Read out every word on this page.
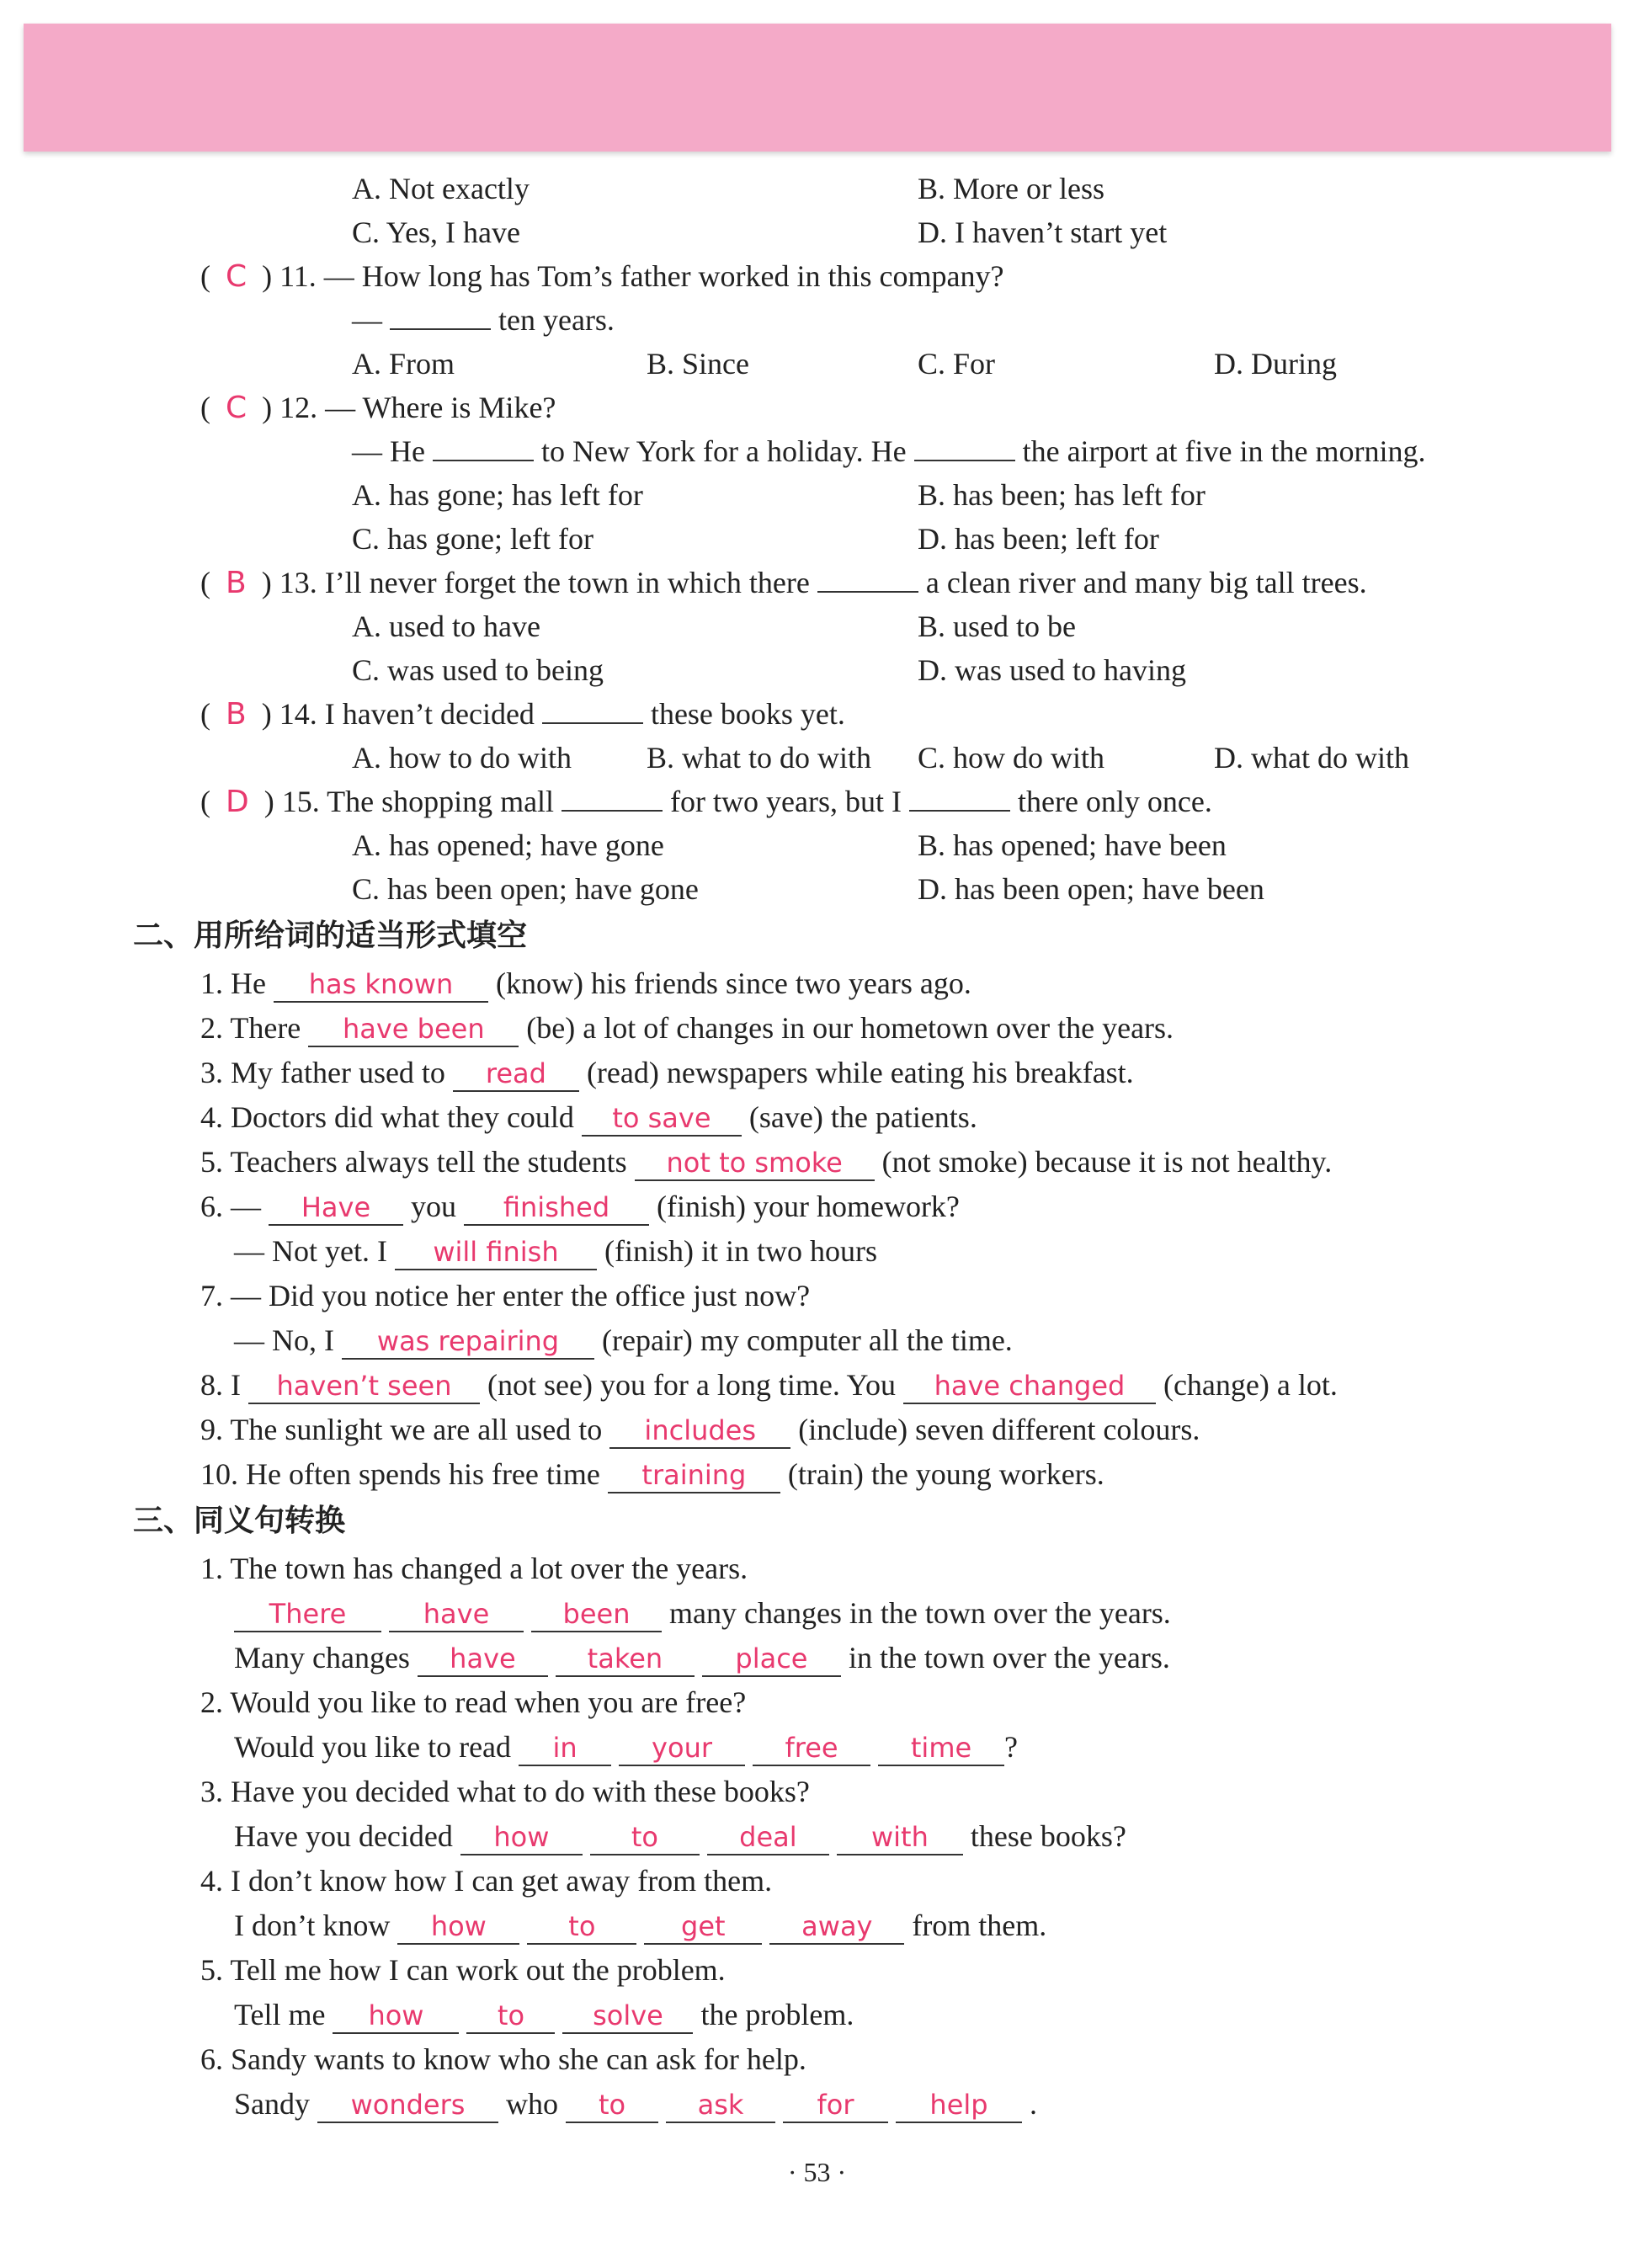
A. Not exactly	B. More or less
C. Yes, I have	D. I haven’t start yet
(  C ) 11. — How long has Tom’s father worked in this company?
—	ten years.
A. From	B. Since	C. For	D. During
(  C ) 12. — Where is Mike?
— He	to New York for a holiday. He	the airport at five in the morning.
A. has gone; has left for	B. has been; has left for
C. has gone; left for	D. has been; left for
(  B ) 13. I’ll never forget the town in which there	a clean river and many big tall trees.
A. used to have	B. used to be
C. was used to being	D. was used to having
(  B ) 14. I haven’t decided	these books yet.
A. how to do with B. what to do with C. how do with	D. what do with
(  D ) 15. The shopping mall	for two years, but I	there only once.
A. has opened; have gone	B. has opened; have been
C. has been open; have gone	D. has been open; have been
二、用所给词的适当形式填空
1. He has known (know) his friends since two years ago.
2. There have been (be) a lot of changes in our hometown over the years.
3. My father used to read (read) newspapers while eating his breakfast.
4. Doctors did what they could to save (save) the patients.
5. Teachers always tell the students not to smoke (not smoke) because it is not healthy.
6. — Have you finished (finish) your homework?
— Not yet. I will finish (finish) it in two hours
7. — Did you notice her enter the office just now?
— No, I was repairing (repair) my computer all the time.
8. I haven’t seen (not see) you for a long time. You have changed (change) a lot.
9. The sunlight we are all used to includes (include) seven different colours.
10. He often spends his free time training (train) the young workers.
三、同义句转换
1. The town has changed a lot over the years.
There	have	been many changes in the town over the years.
Many changes have	taken	place in the town over the years.
2. Would you like to read when you are free?
Would you like to read in	your	free	time ?
3. Have you decided what to do with these books?
Have you decided how	to	deal	with these books?
4. I don’t know how I can get away from them.
I don’t know how	to	get	away from them.
5. Tell me how I can work out the problem.
Tell me how	to	solve the problem.
6. Sandy wants to know who she can ask for help.
Sandy wonders who to	ask	for	help .
· 53 ·
